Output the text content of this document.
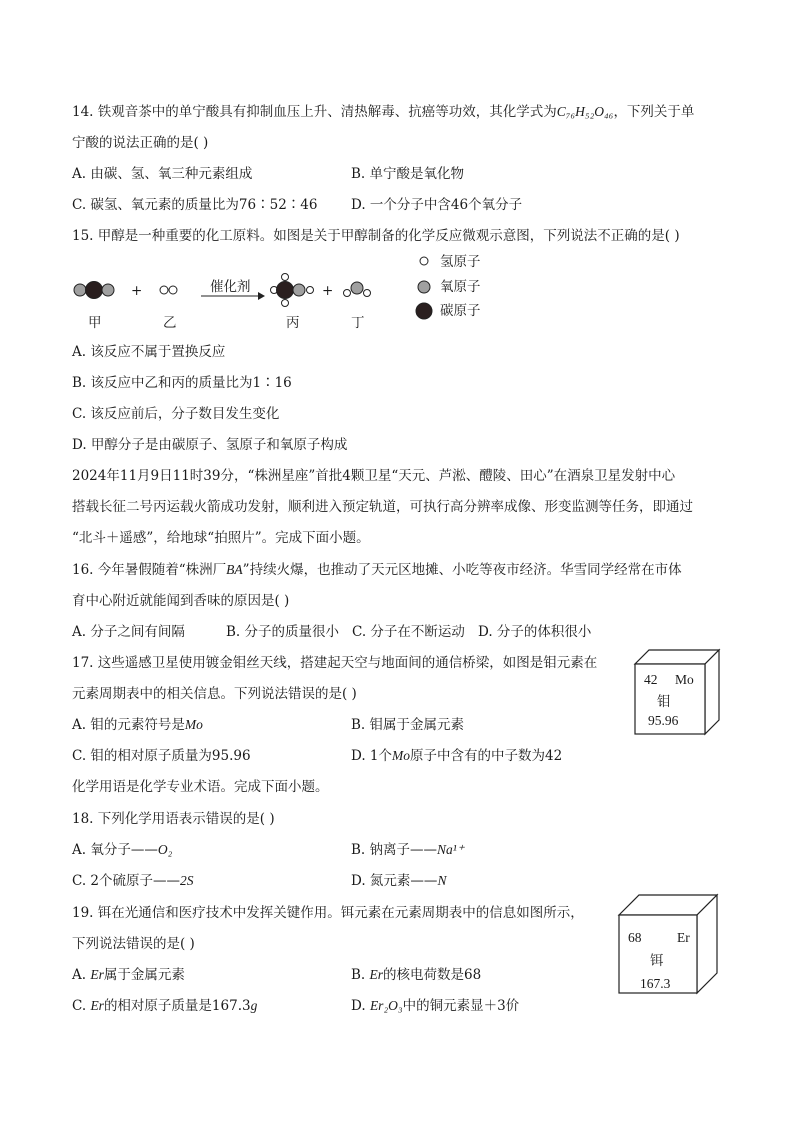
14. 铁观音茶中的单宁酸具有抑制血压上升、清热解毒、抗癌等功效，其化学式为C₇₆H₅₂O₄₆，下列关于单
宁酸的说法正确的是( )
A. 由碳、氢、氧三种元素组成	B. 单宁酸是氧化物
C. 碳氢、氧元素的质量比为76∶52∶46 D. 一个分子中含46个氧分子
15. 甲醇是一种重要的化工原料。如图是关于甲醇制备的化学反应微观示意图，下列说法不正确的是( )
+	+
催化剂
甲	乙	丙	丁
氢原子
氧原子
碳原子
A. 该反应不属于置换反应
B. 该反应中乙和丙的质量比为1∶16
C. 该反应前后，分子数目发生变化
D. 甲醇分子是由碳原子、氢原子和氧原子构成
2024年11月9日11时39分，“株洲星座”首批4颗卫星“天元、芦淞、醴陵、田心”在酒泉卫星发射中心
搭载长征二号丙运载火箭成功发射，顺利进入预定轨道，可执行高分辨率成像、形变监测等任务，即通过
“北斗＋遥感”，给地球“拍照片”。完成下面小题。
16. 今年暑假随着“株洲厂BA”持续火爆，也推动了天元区地摊、小吃等夜市经济。华雪同学经常在市体
育中心附近就能闻到香味的原因是( )
A. 分子之间有间隔	B. 分子的质量很小 C. 分子在不断运动 D. 分子的体积很小
17. 这些遥感卫星使用镀金钼丝天线，搭建起天空与地面间的通信桥梁，如图是钼元素在
元素周期表中的相关信息。下列说法错误的是( )
A. 钼的元素符号是Mo	B. 钼属于金属元素
C. 钼的相对原子质量为95.96	D. 1个Mo原子中含有的中子数为42
42 Mo
钼
95.96
化学用语是化学专业术语。完成下面小题。
18. 下列化学用语表示错误的是( )
A. 氧分子——O₂	B. 钠离子——Na¹⁺
C. 2个硫原子——2S	D. 氮元素——N
19. 铒在光通信和医疗技术中发挥关键作用。铒元素在元素周期表中的信息如图所示，
下列说法错误的是( )
A. Er属于金属元素	B. Er的核电荷数是68
C. Er的相对原子质量是167.3g	D. Er₂O₃中的铜元素显＋3价
68	Er
铒
167.3
